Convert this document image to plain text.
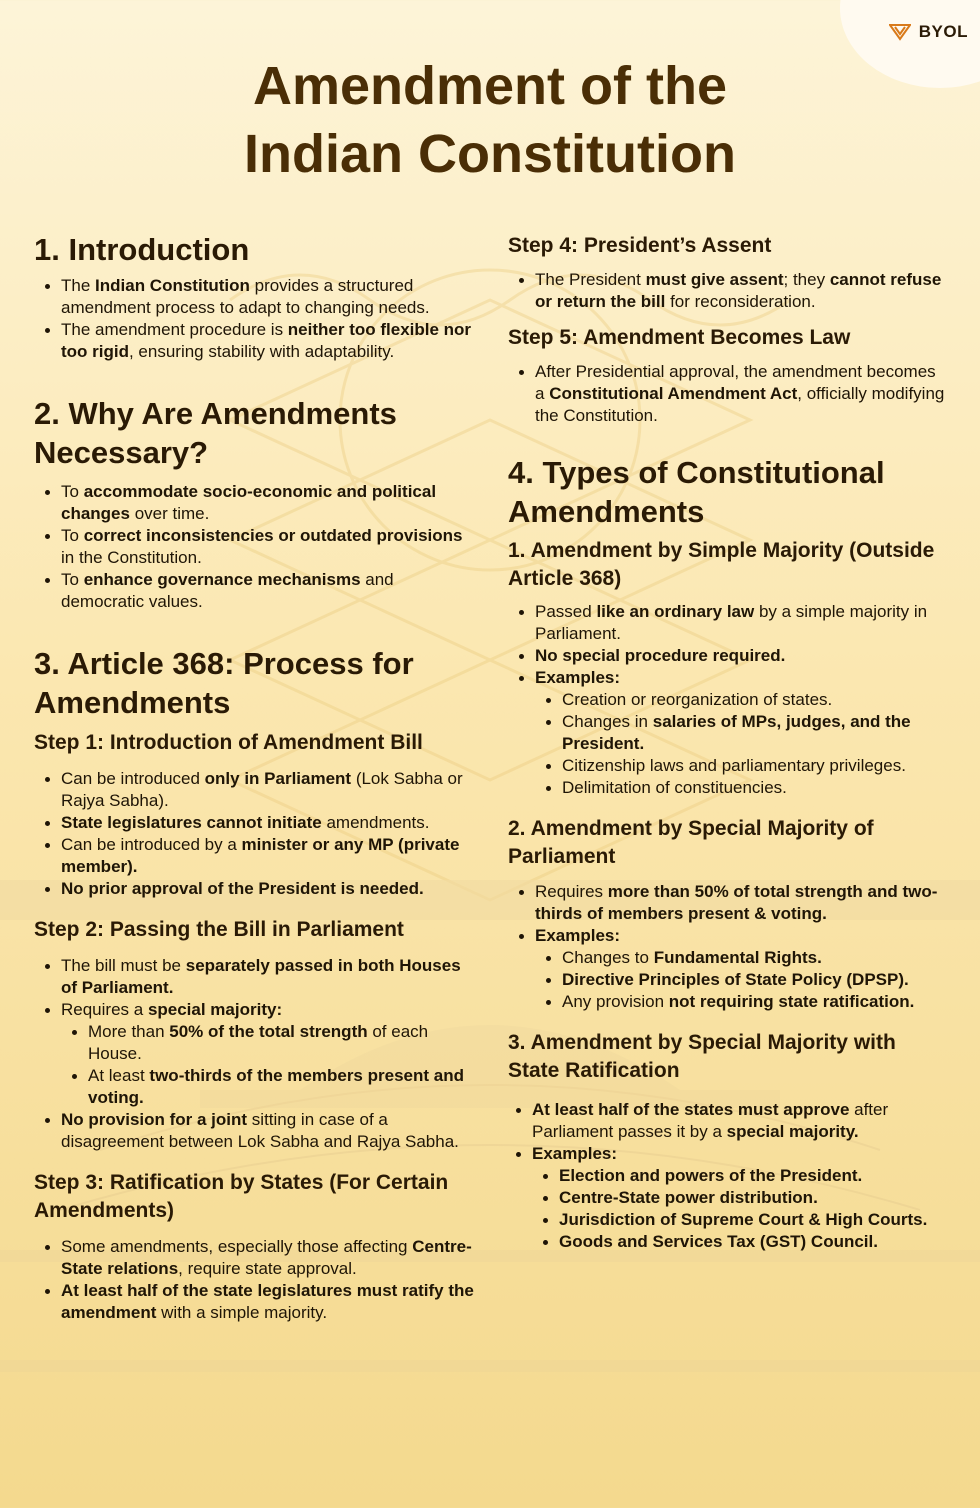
BYOL
Amendment of the
Indian Constitution
1. Introduction
The Indian Constitution provides a structured amendment process to adapt to changing needs.
The amendment procedure is neither too flexible nor too rigid, ensuring stability with adaptability.
2. Why Are Amendments Necessary?
To accommodate socio-economic and political changes over time.
To correct inconsistencies or outdated provisions in the Constitution.
To enhance governance mechanisms and democratic values.
3. Article 368: Process for Amendments
Step 1: Introduction of Amendment Bill
Can be introduced only in Parliament (Lok Sabha or Rajya Sabha).
State legislatures cannot initiate amendments.
Can be introduced by a minister or any MP (private member).
No prior approval of the President is needed.
Step 2: Passing the Bill in Parliament
The bill must be separately passed in both Houses of Parliament.
Requires a special majority:
More than 50% of the total strength of each House.
At least two-thirds of the members present and voting.
No provision for a joint sitting in case of a disagreement between Lok Sabha and Rajya Sabha.
Step 3: Ratification by States (For Certain Amendments)
Some amendments, especially those affecting Centre-State relations, require state approval.
At least half of the state legislatures must ratify the amendment with a simple majority.
Step 4: President’s Assent
The President must give assent; they cannot refuse or return the bill for reconsideration.
Step 5: Amendment Becomes Law
After Presidential approval, the amendment becomes a Constitutional Amendment Act, officially modifying the Constitution.
4. Types of Constitutional Amendments
1. Amendment by Simple Majority (Outside Article 368)
Passed like an ordinary law by a simple majority in Parliament.
No special procedure required.
Examples:
Creation or reorganization of states.
Changes in salaries of MPs, judges, and the President.
Citizenship laws and parliamentary privileges.
Delimitation of constituencies.
2. Amendment by Special Majority of Parliament
Requires more than 50% of total strength and two-thirds of members present & voting.
Examples:
Changes to Fundamental Rights.
Directive Principles of State Policy (DPSP).
Any provision not requiring state ratification.
3. Amendment by Special Majority with State Ratification
At least half of the states must approve after Parliament passes it by a special majority.
Examples:
Election and powers of the President.
Centre-State power distribution.
Jurisdiction of Supreme Court & High Courts.
Goods and Services Tax (GST) Council.
